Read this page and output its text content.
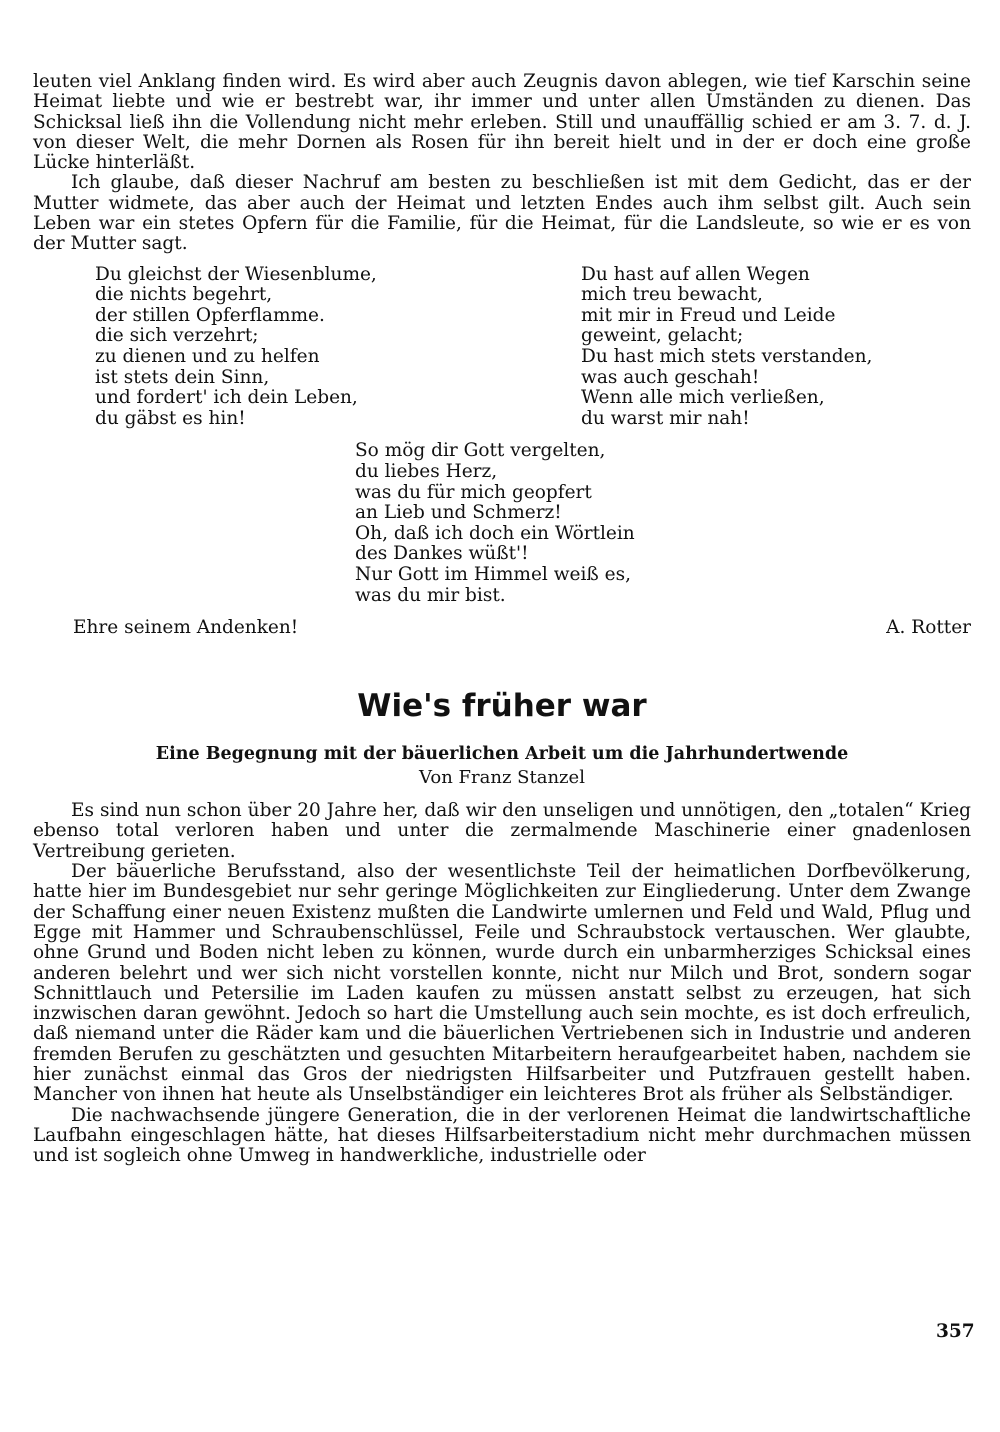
leuten viel Anklang finden wird. Es wird aber auch Zeugnis davon ablegen, wie tief Karschin seine Heimat liebte und wie er bestrebt war, ihr immer und unter allen Umständen zu dienen. Das Schicksal ließ ihn die Vollendung nicht mehr erleben. Still und unauffällig schied er am 3. 7. d. J. von dieser Welt, die mehr Dornen als Rosen für ihn bereit hielt und in der er doch eine große Lücke hinterläßt.

Ich glaube, daß dieser Nachruf am besten zu beschließen ist mit dem Gedicht, das er der Mutter widmete, das aber auch der Heimat und letzten Endes auch ihm selbst gilt. Auch sein Leben war ein stetes Opfern für die Familie, für die Heimat, für die Landsleute, so wie er es von der Mutter sagt.

Du gleichst der Wiesenblume,
die nichts begehrt,
der stillen Opferflamme.
die sich verzehrt;
zu dienen und zu helfen
ist stets dein Sinn,
und fordert' ich dein Leben,
du gäbst es hin!
Du hast auf allen Wegen
mich treu bewacht,
mit mir in Freud und Leide
geweint, gelacht;
Du hast mich stets verstanden,
was auch geschah!
Wenn alle mich verließen,
du warst mir nah!
So mög dir Gott vergelten,
du liebes Herz,
was du für mich geopfert
an Lieb und Schmerz!
Oh, daß ich doch ein Wörtlein
des Dankes wüßt'!
Nur Gott im Himmel weiß es,
was du mir bist.
Ehre seinem Andenken!	A. Rotter
Wie's früher war

Eine Begegnung mit der bäuerlichen Arbeit um die Jahrhundertwende

Von Franz Stanzel

Es sind nun schon über 20 Jahre her, daß wir den unseligen und unnötigen, den „totalen“ Krieg ebenso total verloren haben und unter die zermalmende Maschinerie einer gnadenlosen Vertreibung gerieten.

Der bäuerliche Berufsstand, also der wesentlichste Teil der heimatlichen Dorfbevölkerung, hatte hier im Bundesgebiet nur sehr geringe Möglichkeiten zur Eingliederung. Unter dem Zwange der Schaffung einer neuen Existenz mußten die Landwirte umlernen und Feld und Wald, Pflug und Egge mit Hammer und Schraubenschlüssel, Feile und Schraubstock vertauschen. Wer glaubte, ohne Grund und Boden nicht leben zu können, wurde durch ein unbarmherziges Schicksal eines anderen belehrt und wer sich nicht vorstellen konnte, nicht nur Milch und Brot, sondern sogar Schnittlauch und Petersilie im Laden kaufen zu müssen anstatt selbst zu erzeugen, hat sich inzwischen daran gewöhnt. Jedoch so hart die Umstellung auch sein mochte, es ist doch erfreulich, daß niemand unter die Räder kam und die bäuerlichen Vertriebenen sich in Industrie und anderen fremden Berufen zu geschätzten und gesuchten Mitarbeitern heraufgearbeitet haben, nachdem sie hier zunächst einmal das Gros der niedrigsten Hilfsarbeiter und Putzfrauen gestellt haben. Mancher von ihnen hat heute als Unselbständiger ein leichteres Brot als früher als Selbständiger.

Die nachwachsende jüngere Generation, die in der verlorenen Heimat die landwirtschaftliche Laufbahn eingeschlagen hätte, hat dieses Hilfsarbeiterstadium nicht mehr durchmachen müssen und ist sogleich ohne Umweg in handwerkliche, industrielle oder

357
